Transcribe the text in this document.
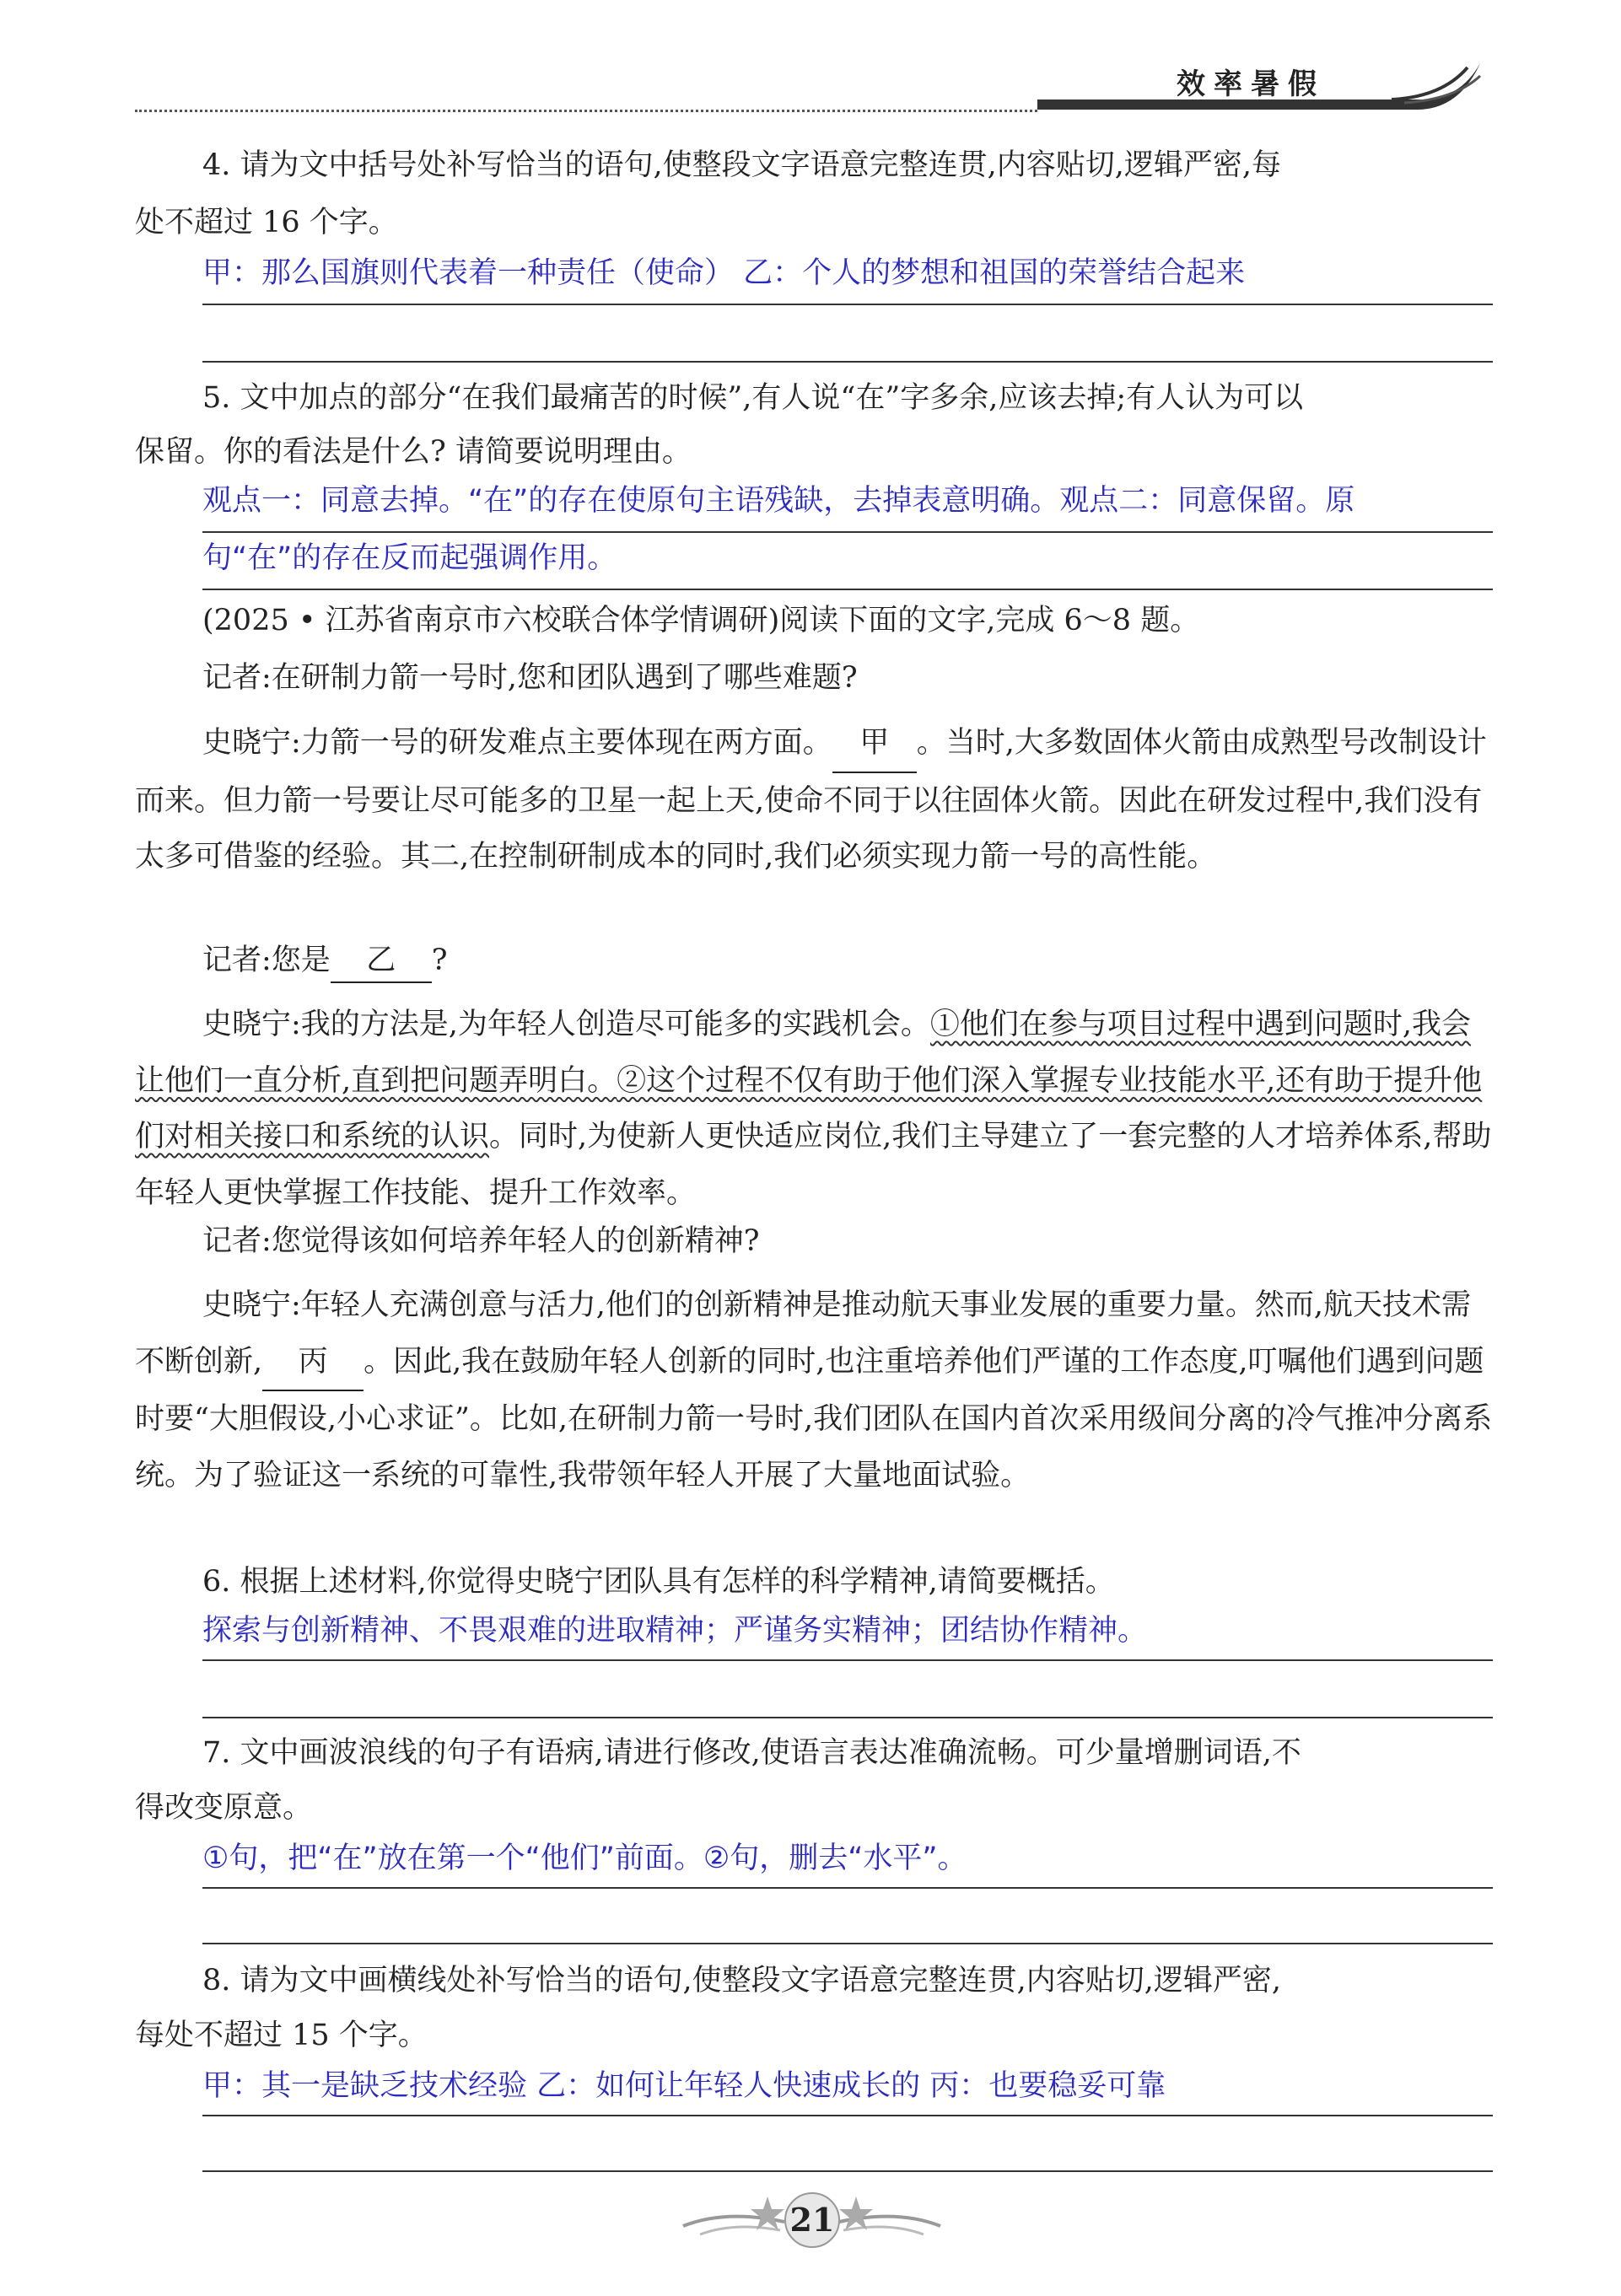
效率暑假
4. 请为文中括号处补写恰当的语句,使整段文字语意完整连贯,内容贴切,逻辑严密,每
处不超过 16 个字。
甲：那么国旗则代表着一种责任（使命） 乙：个人的梦想和祖国的荣誉结合起来
5. 文中加点的部分“在我们最痛苦的时候”,有人说“在”字多余,应该去掉;有人认为可以
保留。你的看法是什么? 请简要说明理由。
观点一：同意去掉。“在”的存在使原句主语残缺，去掉表意明确。观点二：同意保留。原
句“在”的存在反而起强调作用。
(2025 • 江苏省南京市六校联合体学情调研)阅读下面的文字,完成 6～8 题。
记者:在研制力箭一号时,您和团队遇到了哪些难题?
史晓宁:力箭一号的研发难点主要体现在两方面。 甲 。当时,大多数固体火箭由成熟型号改制设计而来。但力箭一号要让尽可能多的卫星一起上天,使命不同于以往固体火箭。因此在研发过程中,我们没有太多可借鉴的经验。其二,在控制研制成本的同时,我们必须实现力箭一号的高性能。
记者:您是 乙 ?
史晓宁:我的方法是,为年轻人创造尽可能多的实践机会。①他们在参与项目过程中遇到问题时,我会让他们一直分析,直到把问题弄明白。②这个过程不仅有助于他们深入掌握专业技能水平,还有助于提升他们对相关接口和系统的认识。同时,为使新人更快适应岗位,我们主导建立了一套完整的人才培养体系,帮助年轻人更快掌握工作技能、提升工作效率。
记者:您觉得该如何培养年轻人的创新精神?
史晓宁:年轻人充满创意与活力,他们的创新精神是推动航天事业发展的重要力量。然而,航天技术需不断创新, 丙 。因此,我在鼓励年轻人创新的同时,也注重培养他们严谨的工作态度,叮嘱他们遇到问题时要“大胆假设,小心求证”。比如,在研制力箭一号时,我们团队在国内首次采用级间分离的冷气推冲分离系统。为了验证这一系统的可靠性,我带领年轻人开展了大量地面试验。
6. 根据上述材料,你觉得史晓宁团队具有怎样的科学精神,请简要概括。
探索与创新精神、不畏艰难的进取精神；严谨务实精神；团结协作精神。
7. 文中画波浪线的句子有语病,请进行修改,使语言表达准确流畅。可少量增删词语,不
得改变原意。
①句，把“在”放在第一个“他们”前面。②句，删去“水平”。
8. 请为文中画横线处补写恰当的语句,使整段文字语意完整连贯,内容贴切,逻辑严密,
每处不超过 15 个字。
甲：其一是缺乏技术经验 乙：如何让年轻人快速成长的 丙：也要稳妥可靠
21
